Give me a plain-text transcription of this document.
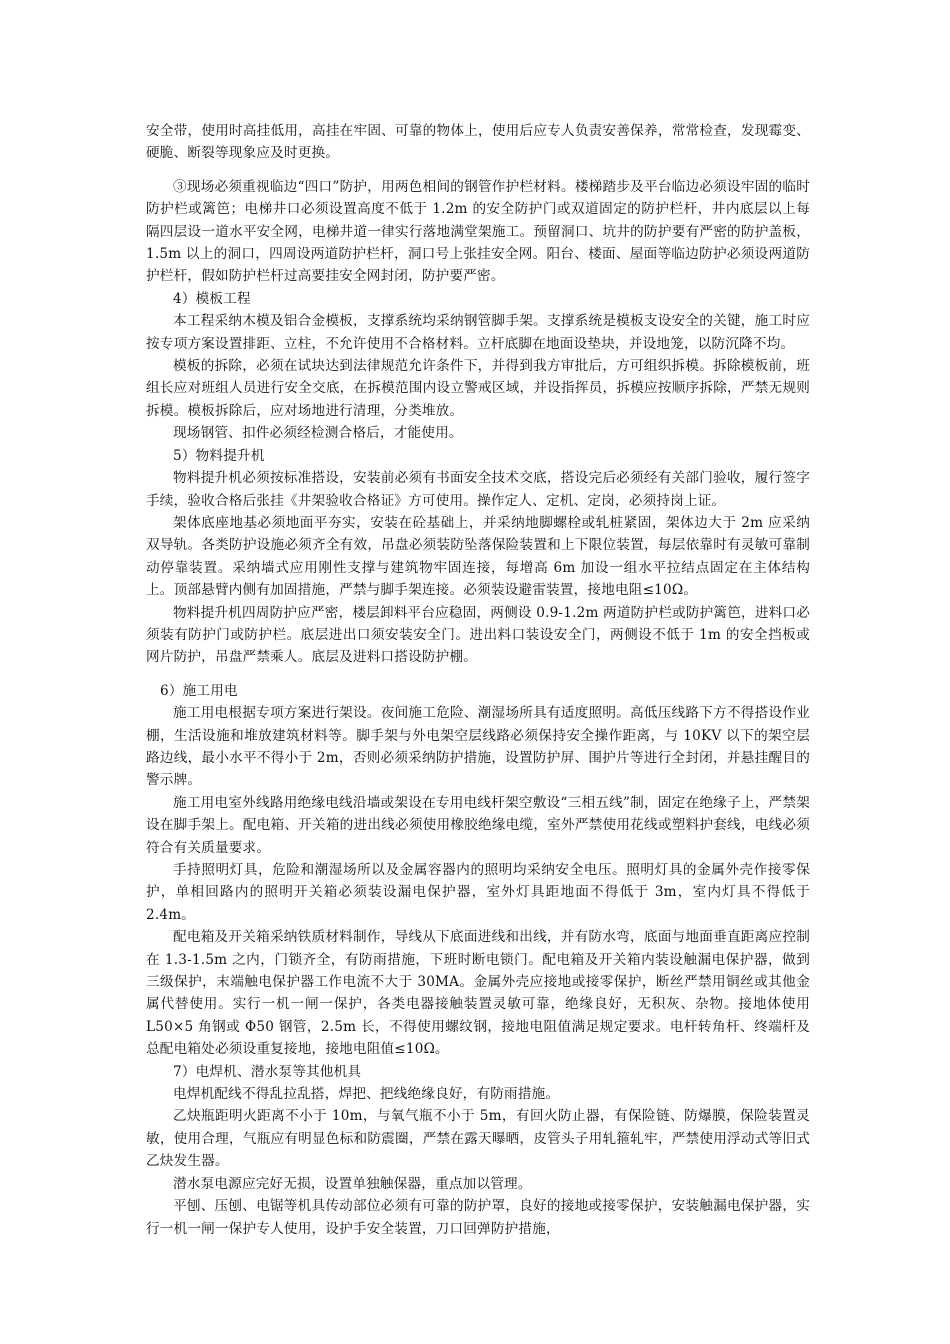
安全带，使用时高挂低用，高挂在牢固、可靠的物体上，使用后应专人负责安善保养，常常检查，发现霉变、硬脆、断裂等现象应及时更换。

③现场必须重视临边“四口”防护，用两色相间的钢管作护栏材料。楼梯踏步及平台临边必须设牢固的临时防护栏或篱笆；电梯井口必须设置高度不低于 1.2m 的安全防护门或双道固定的防护栏杆，井内底层以上每隔四层设一道水平安全网，电梯井道一律实行落地满堂架施工。预留洞口、坑井的防护要有严密的防护盖板，1.5m 以上的洞口，四周设两道防护栏杆，洞口号上张挂安全网。阳台、楼面、屋面等临边防护必须设两道防护栏杆，假如防护栏杆过高要挂安全网封闭，防护要严密。

4）模板工程

本工程采纳木模及铝合金模板，支撑系统均采纳钢管脚手架。支撑系统是模板支设安全的关键，施工时应按专项方案设置排距、立柱，不允许使用不合格材料。立杆底脚在地面设垫块，并设地笼，以防沉降不均。

模板的拆除，必须在试块达到法律规范允许条件下，并得到我方审批后，方可组织拆模。拆除模板前，班组长应对班组人员进行安全交底，在拆模范围内设立警戒区域，并设指挥员，拆模应按顺序拆除，严禁无规则拆模。模板拆除后，应对场地进行清理，分类堆放。

现场钢管、扣件必须经检测合格后，才能使用。

5）物料提升机

物料提升机必须按标准搭设，安装前必须有书面安全技术交底，搭设完后必须经有关部门验收，履行签字手续，验收合格后张挂《井架验收合格证》方可使用。操作定人、定机、定岗，必须持岗上证。

架体底座地基必须地面平夯实，安装在砼基础上，并采纳地脚螺栓或轧桩紧固，架体边大于 2m 应采纳双导轨。各类防护设施必须齐全有效，吊盘必须装防坠落保险装置和上下限位装置，每层依靠时有灵敏可靠制动停靠装置。采纳墙式应用刚性支撑与建筑物牢固连接，每增高 6m 加设一组水平拉结点固定在主体结构上。顶部悬臂内侧有加固措施，严禁与脚手架连接。必须装设避雷装置，接地电阻≤10Ω。

物料提升机四周防护应严密，楼层卸料平台应稳固，两侧设 0.9-1.2m 两道防护栏或防护篱笆，进料口必须装有防护门或防护栏。底层进出口须安装安全门。进出料口装设安全门，两侧设不低于 1m 的安全挡板或网片防护，吊盘严禁乘人。底层及进料口搭设防护棚。

6）施工用电

施工用电根据专项方案进行架设。夜间施工危险、潮湿场所具有适度照明。高低压线路下方不得搭设作业棚，生活设施和堆放建筑材料等。脚手架与外电架空层线路必须保持安全操作距离，与 10KV 以下的架空层路边线，最小水平不得小于 2m，否则必须采纳防护措施，设置防护屏、围护片等进行全封闭，并悬挂醒目的警示牌。

施工用电室外线路用绝缘电线沿墙或架设在专用电线杆架空敷设“三相五线”制，固定在绝缘子上，严禁架设在脚手架上。配电箱、开关箱的进出线必须使用橡胶绝缘电缆，室外严禁使用花线或塑料护套线，电线必须符合有关质量要求。

手持照明灯具，危险和潮湿场所以及金属容器内的照明均采纳安全电压。照明灯具的金属外壳作接零保护，单相回路内的照明开关箱必须装设漏电保护器，室外灯具距地面不得低于 3m，室内灯具不得低于 2.4m。

配电箱及开关箱采纳铁质材料制作，导线从下底面进线和出线，并有防水弯，底面与地面垂直距离应控制在 1.3-1.5m 之内，门锁齐全，有防雨措施，下班时断电锁门。配电箱及开关箱内装设触漏电保护器，做到三级保护，末端触电保护器工作电流不大于 30MA。金属外壳应接地或接零保护，断丝严禁用铜丝或其他金属代替使用。实行一机一闸一保护，各类电器接触装置灵敏可靠，绝缘良好，无积灰、杂物。接地体使用 L50×5 角钢或 Φ50 钢管，2.5m 长，不得使用螺纹钢，接地电阻值满足规定要求。电杆转角杆、终端杆及总配电箱处必须设重复接地，接地电阻值≤10Ω。

7）电焊机、潜水泵等其他机具

电焊机配线不得乱拉乱搭，焊把、把线绝缘良好，有防雨措施。

乙炔瓶距明火距离不小于 10m，与氧气瓶不小于 5m，有回火防止器，有保险链、防爆膜，保险装置灵敏，使用合理，气瓶应有明显色标和防震圈，严禁在露天曝晒，皮管头子用轧箍轧牢，严禁使用浮动式等旧式乙炔发生器。

潜水泵电源应完好无损，设置单独触保器，重点加以管理。

平刨、压刨、电锯等机具传动部位必须有可靠的防护罩，良好的接地或接零保护，安装触漏电保护器，实行一机一闸一保护专人使用，设护手安全装置，刀口回弹防护措施，
